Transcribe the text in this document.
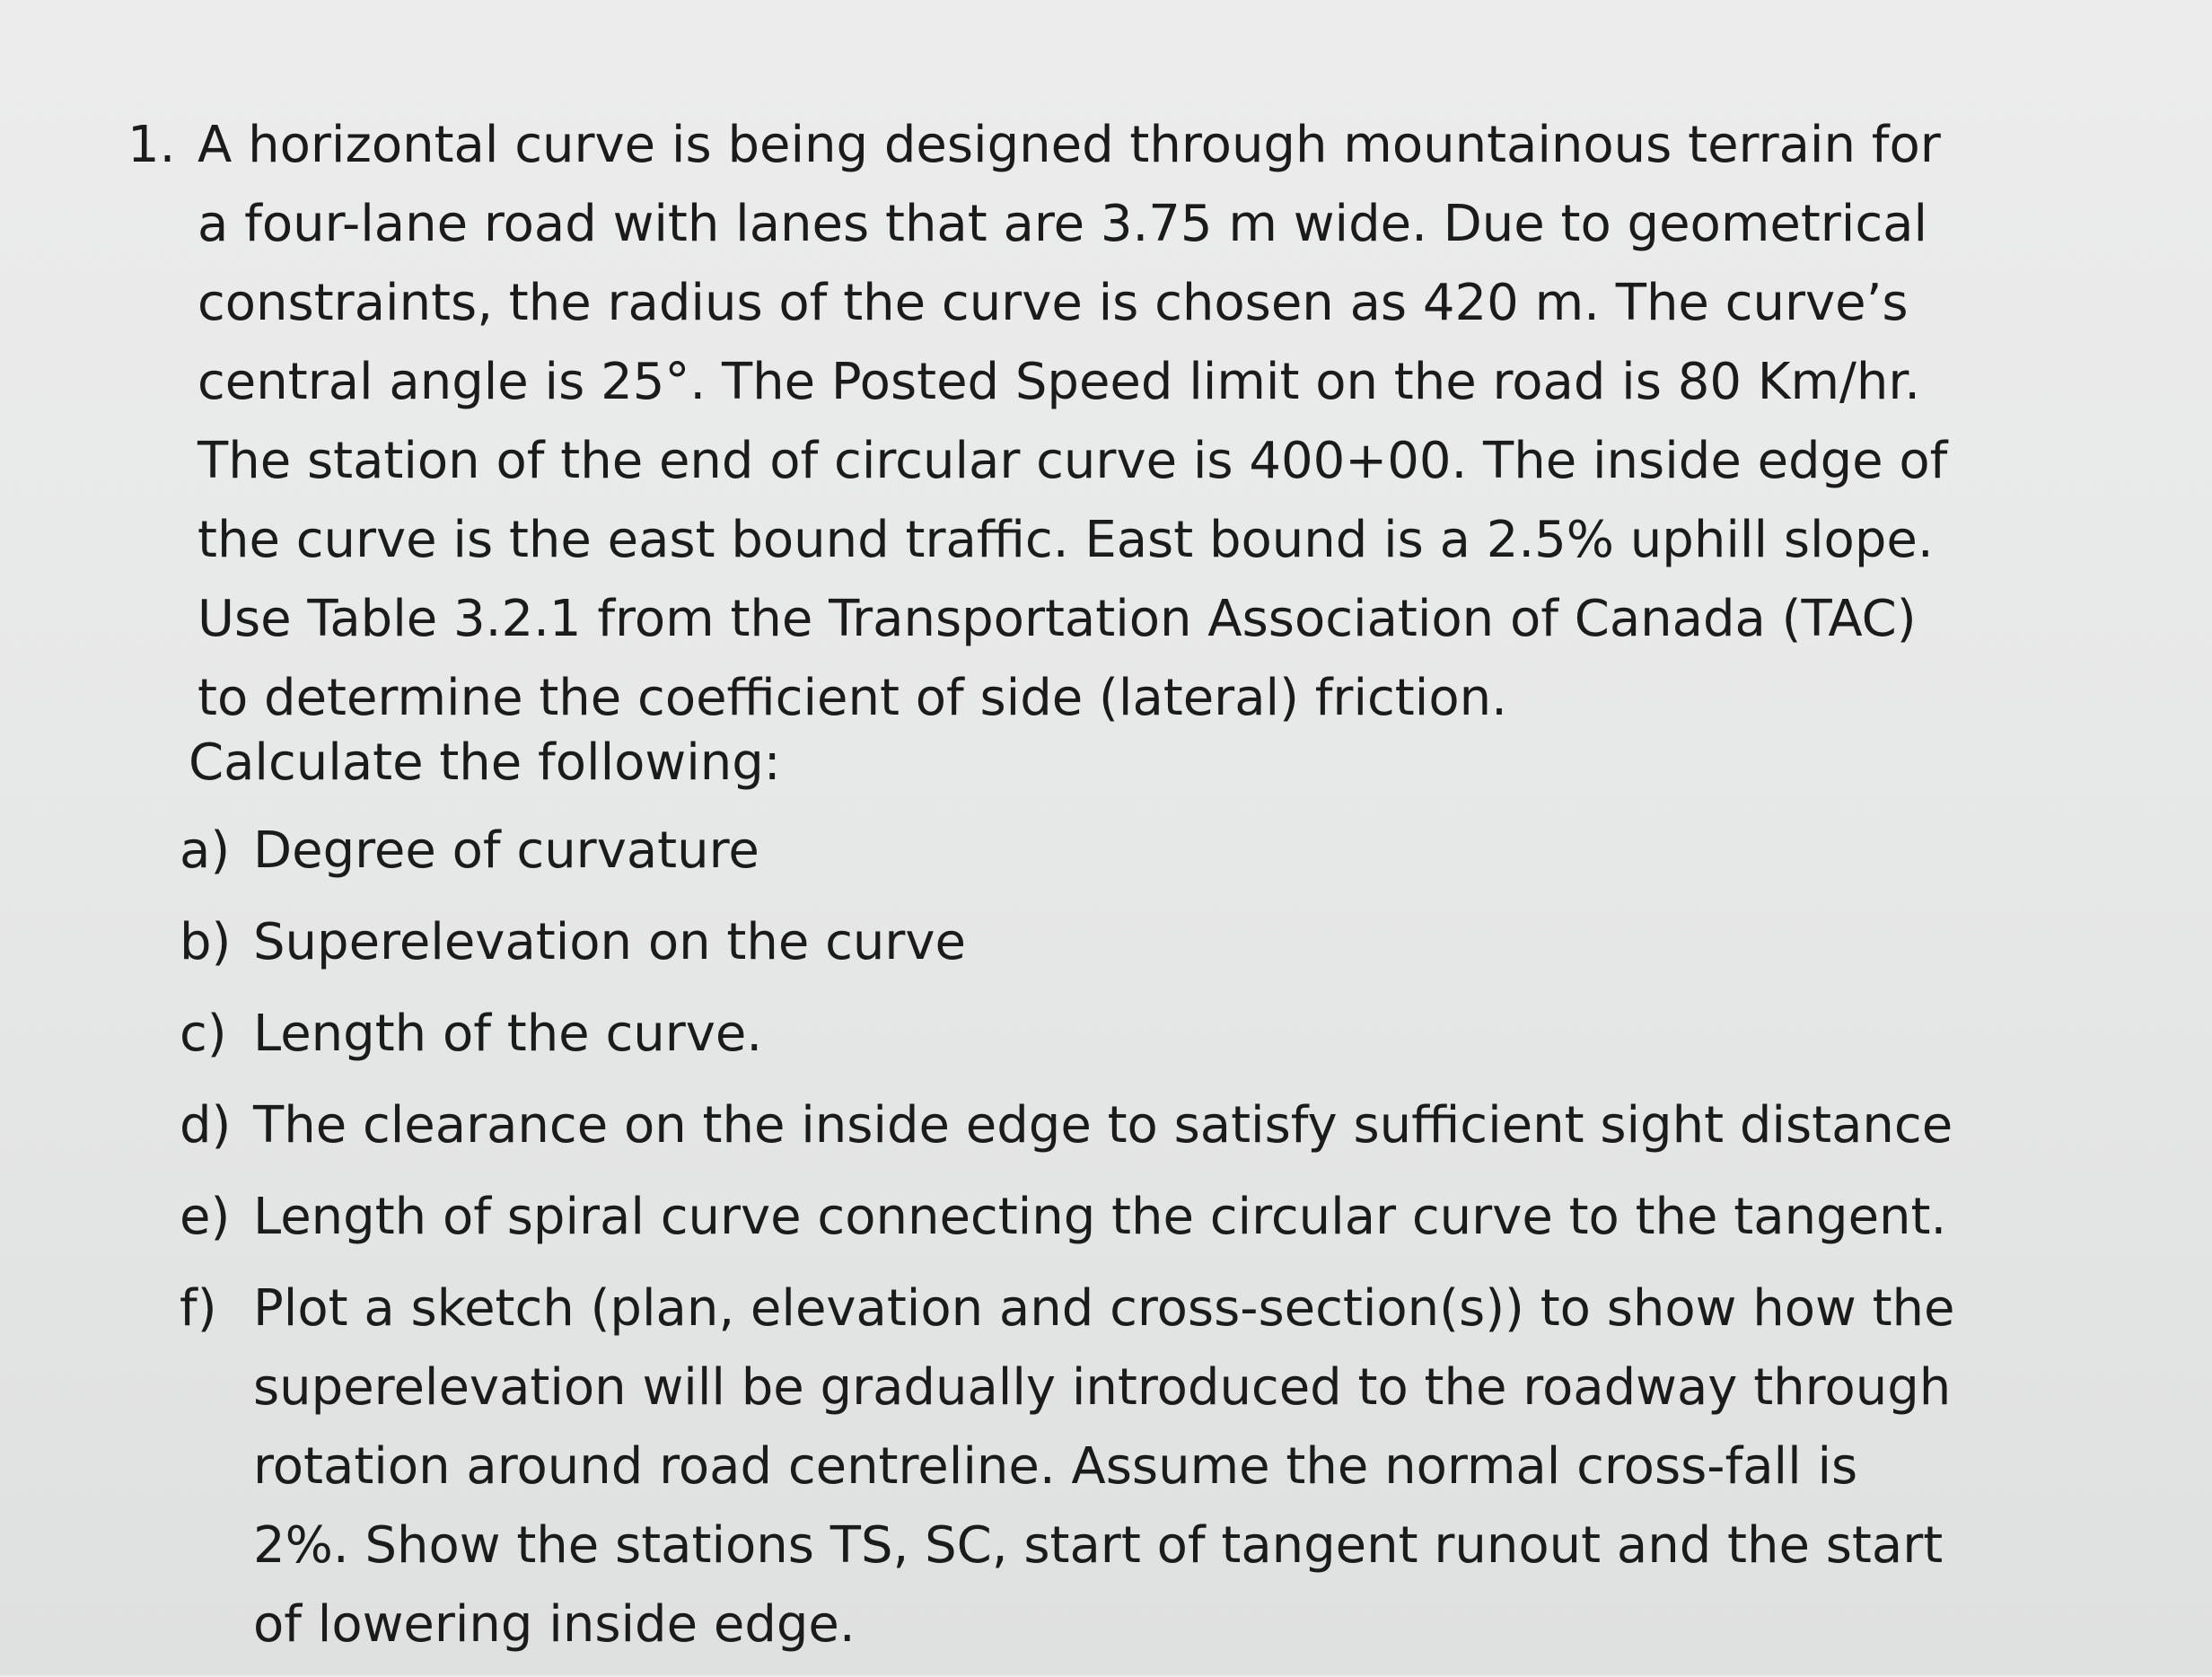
1. A horizontal curve is being designed through mountainous terrain for
a four-lane road with lanes that are 3.75 m wide. Due to geometrical
constraints, the radius of the curve is chosen as 420 m. The curve’s
central angle is 25°. The Posted Speed limit on the road is 80 Km/hr.
The station of the end of circular curve is 400+00. The inside edge of
the curve is the east bound traffic. East bound is a 2.5% uphill slope.
Use Table 3.2.1 from the Transportation Association of Canada (TAC)
to determine the coefficient of side (lateral) friction.
Calculate the following:
a) Degree of curvature
b) Superelevation on the curve
c) Length of the curve.
d) The clearance on the inside edge to satisfy sufficient sight distance
e) Length of spiral curve connecting the circular curve to the tangent.
f) Plot a sketch (plan, elevation and cross-section(s)) to show how the
superelevation will be gradually introduced to the roadway through
rotation around road centreline. Assume the normal cross-fall is
2%. Show the stations TS, SC, start of tangent runout and the start
of lowering inside edge.
